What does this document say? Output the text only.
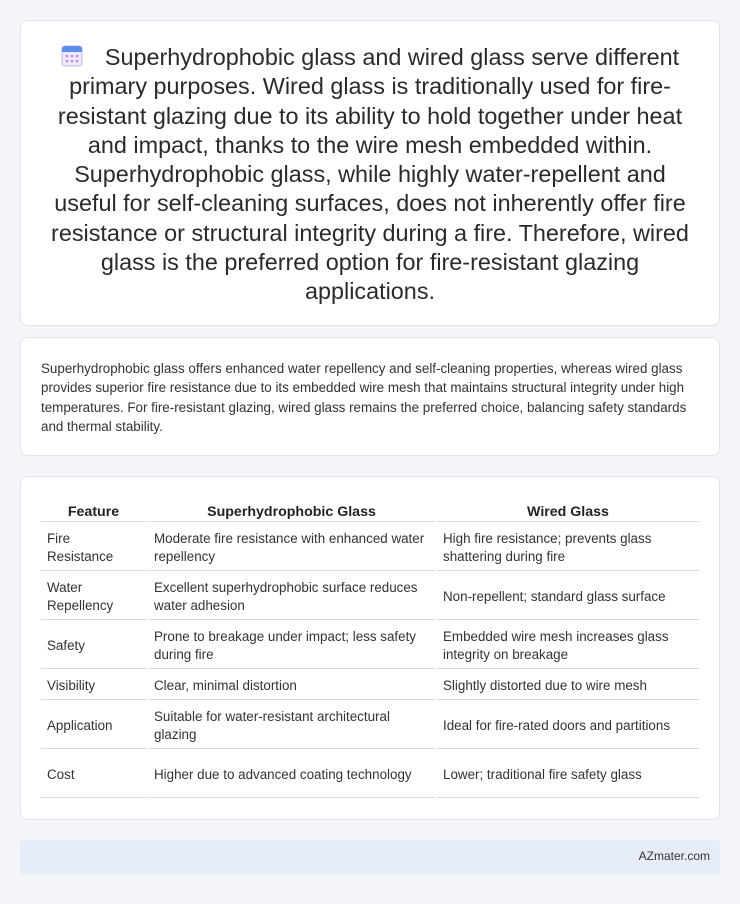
Superhydrophobic glass and wired glass serve different primary purposes. Wired glass is traditionally used for fire-resistant glazing due to its ability to hold together under heat and impact, thanks to the wire mesh embedded within. Superhydrophobic glass, while highly water-repellent and useful for self-cleaning surfaces, does not inherently offer fire resistance or structural integrity during a fire. Therefore, wired glass is the preferred option for fire-resistant glazing applications.

Superhydrophobic glass offers enhanced water repellency and self-cleaning properties, whereas wired glass provides superior fire resistance due to its embedded wire mesh that maintains structural integrity under high temperatures. For fire-resistant glazing, wired glass remains the preferred choice, balancing safety standards and thermal stability.

Feature	Superhydrophobic Glass	Wired Glass
Fire Resistance	Moderate fire resistance with enhanced water repellency	High fire resistance; prevents glass shattering during fire
Water Repellency	Excellent superhydrophobic surface reduces water adhesion	Non-repellent; standard glass surface
Safety	Prone to breakage under impact; less safety during fire	Embedded wire mesh increases glass integrity on breakage
Visibility	Clear, minimal distortion	Slightly distorted due to wire mesh
Application	Suitable for water-resistant architectural glazing	Ideal for fire-rated doors and partitions
Cost	Higher due to advanced coating technology	Lower; traditional fire safety glass
AZmater.com
